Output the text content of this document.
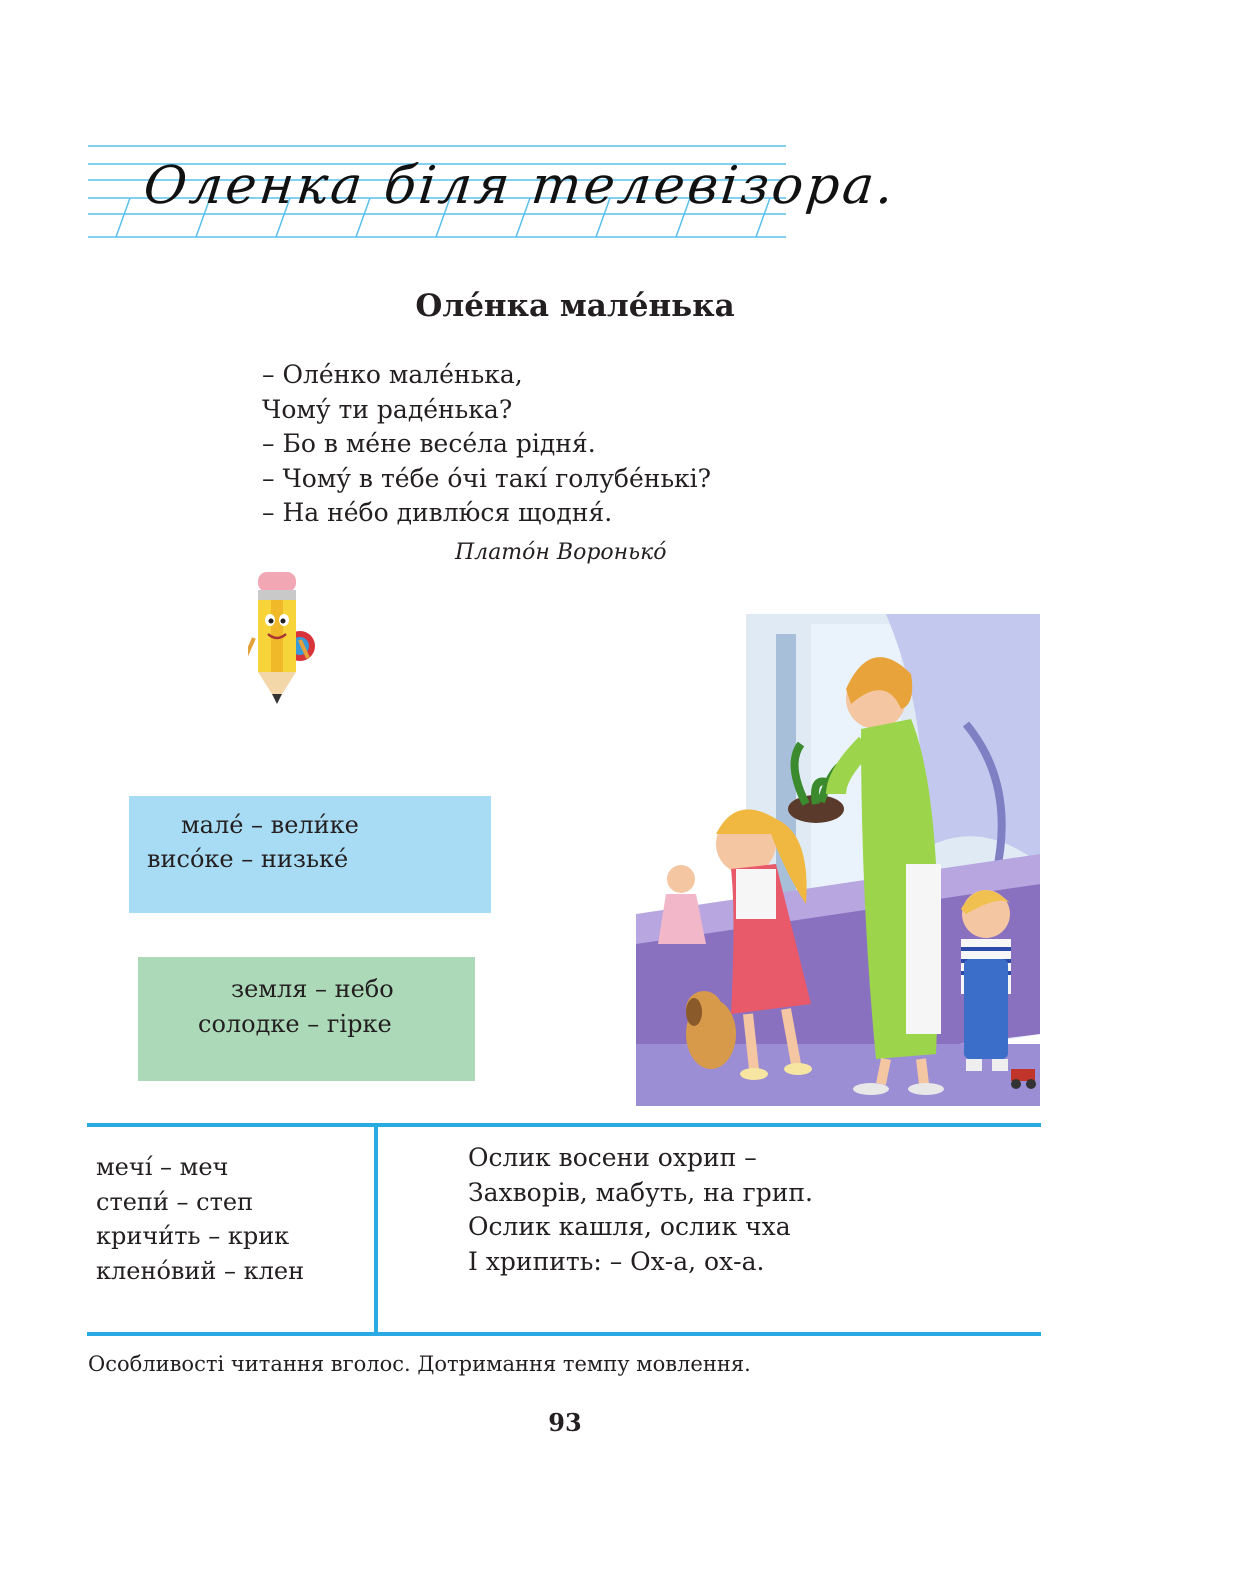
Оленка біля телевізора.
Оле́нка мале́нька
– Оле́нко мале́нька,
Чому́ ти раде́нька?
– Бо в ме́не весе́ла рідня́.
– Чому́ в те́бе о́чі такі́ голубе́нькі?
– На не́бо дивлю́ся щодня́.
Плато́н Воронько́
мале́ – вели́ке
висо́ке – низьке́
земля – небо
солодке – гірке
мечі́ – меч
степи́ – степ
кричи́ть – крик
клено́вий – клен
Ослик восени охрип –
Захворів, мабуть, на грип.
Ослик кашля, ослик чха
І хрипить: – Ох-а, ох-а.
Особливості читання вголос. Дотримання темпу мовлення.
93
